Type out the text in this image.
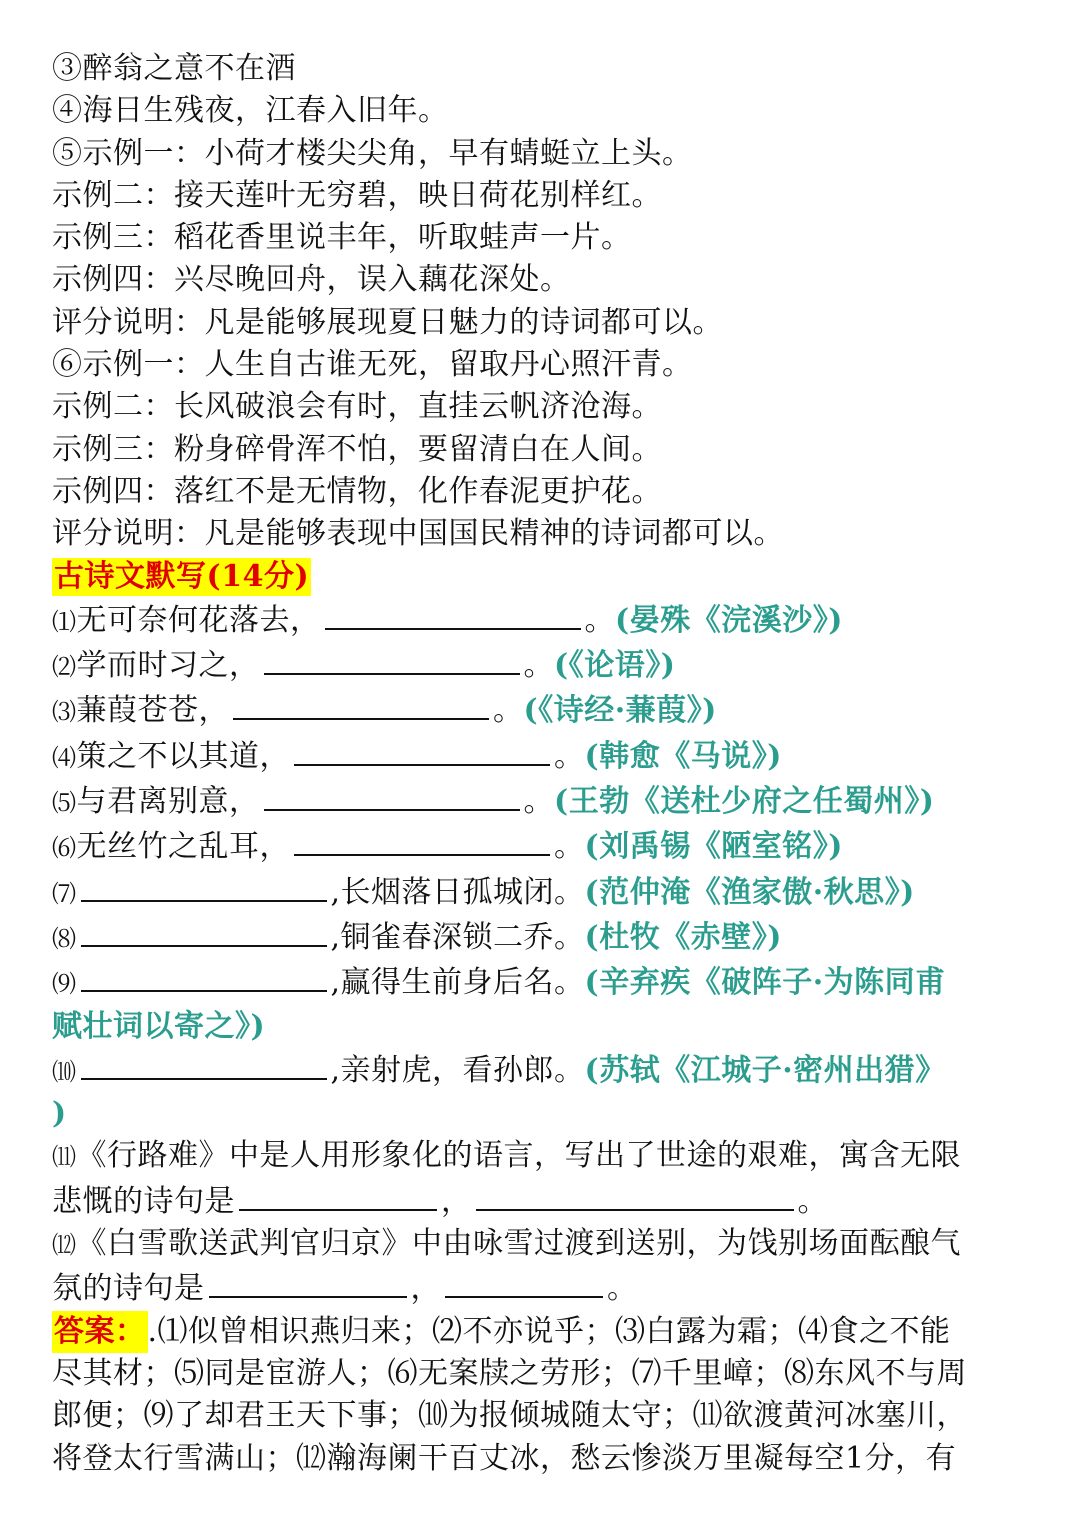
③醉翁之意不在酒
④海日生残夜，江春入旧年。
⑤示例一：小荷才楼尖尖角，早有蜻蜓立上头。
示例二：接天莲叶无穷碧，映日荷花别样红。
示例三：稻花香里说丰年，听取蛙声一片。
示例四：兴尽晚回舟，误入藕花深处。
评分说明：凡是能够展现夏日魅力的诗词都可以。
⑥示例一：人生自古谁无死，留取丹心照汗青。
示例二：长风破浪会有时，直挂云帆济沧海。
示例三：粉身碎骨浑不怕，要留清白在人间。
示例四：落红不是无情物，化作春泥更护花。
评分说明：凡是能够表现中国国民精神的诗词都可以。
古诗文默写(14分)
⑴无可奈何花落去，	。(晏殊《浣溪沙》)
⑵学而时习之，	。(《论语》)
⑶蒹葭苍苍，	。(《诗经·蒹葭》)
⑷策之不以其道，	。(韩愈《马说》)
⑸与君离别意，	。(王勃《送杜少府之任蜀州》)
⑹无丝竹之乱耳，	。(刘禹锡《陋室铭》)
⑺	,长烟落日孤城闭。(范仲淹《渔家傲·秋思》)
⑻	,铜雀春深锁二乔。(杜牧《赤壁》)
⑼	,赢得生前身后名。(辛弃疾《破阵子·为陈同甫
赋壮词以寄之》)
⑽	,亲射虎，看孙郎。(苏轼《江城子·密州出猎》
)
⑾《行路难》中是人用形象化的语言，写出了世途的艰难，寓含无限
悲慨的诗句是	，	。
⑿《白雪歌送武判官归京》中由咏雪过渡到送别，为饯别场面酝酿气
氛的诗句是	，	。
答案：.⑴似曾相识燕归来；⑵不亦说乎；⑶白露为霜；⑷食之不能
尽其材；⑸同是宦游人；⑹无案牍之劳形；⑺千里嶂；⑻东风不与周
郎便；⑼了却君王天下事；⑽为报倾城随太守；⑾欲渡黄河冰塞川，
将登太行雪满山；⑿瀚海阑干百丈冰，愁云惨淡万里凝每空1分，有
